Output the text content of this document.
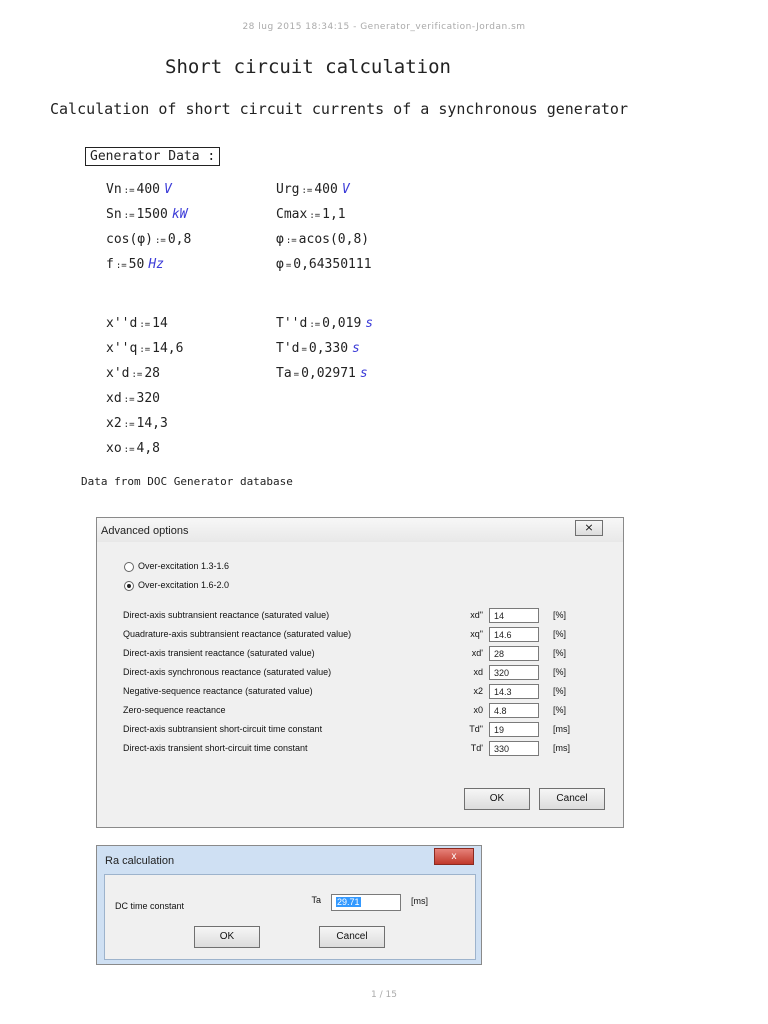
28 lug 2015 18:34:15 - Generator_verification-Jordan.sm
Short circuit calculation
Calculation of short circuit currents of a synchronous generator
Generator Data :
Vn := 400 V
Sn := 1500 kW
cos(φ) := 0,8
f := 50 Hz
Urg := 400 V
Cmax := 1,1
φ := acos(0,8)
φ = 0,64350111
x''d := 14
x''q := 14,6
x'd := 28
xd := 320
x2 := 14,3
xo := 4,8
T''d := 0,019 s
T'd = 0,330 s
Ta = 0,02971 s
Data from DOC Generator database
Advanced options	⨯
Over-excitation 1.3-1.6
Over-excitation 1.6-2.0
Direct-axis subtransient reactance (saturated value)	xd"	14	[%]
Quadrature-axis subtransient reactance (saturated value)	xq"	14.6	[%]
Direct-axis transient reactance (saturated value)	xd'	28	[%]
Direct-axis synchronous reactance (saturated value)	xd	320	[%]
Negative-sequence reactance (saturated value)	x2	14.3	[%]
Zero-sequence reactance	x0	4.8	[%]
Direct-axis subtransient short-circuit time constant	Td"	19	[ms]
Direct-axis transient short-circuit time constant	Td'	330	[ms]
OK	Cancel
Ra calculation	x
DC time constant
Ta	29.71	[ms]
OK	Cancel
1 / 15
